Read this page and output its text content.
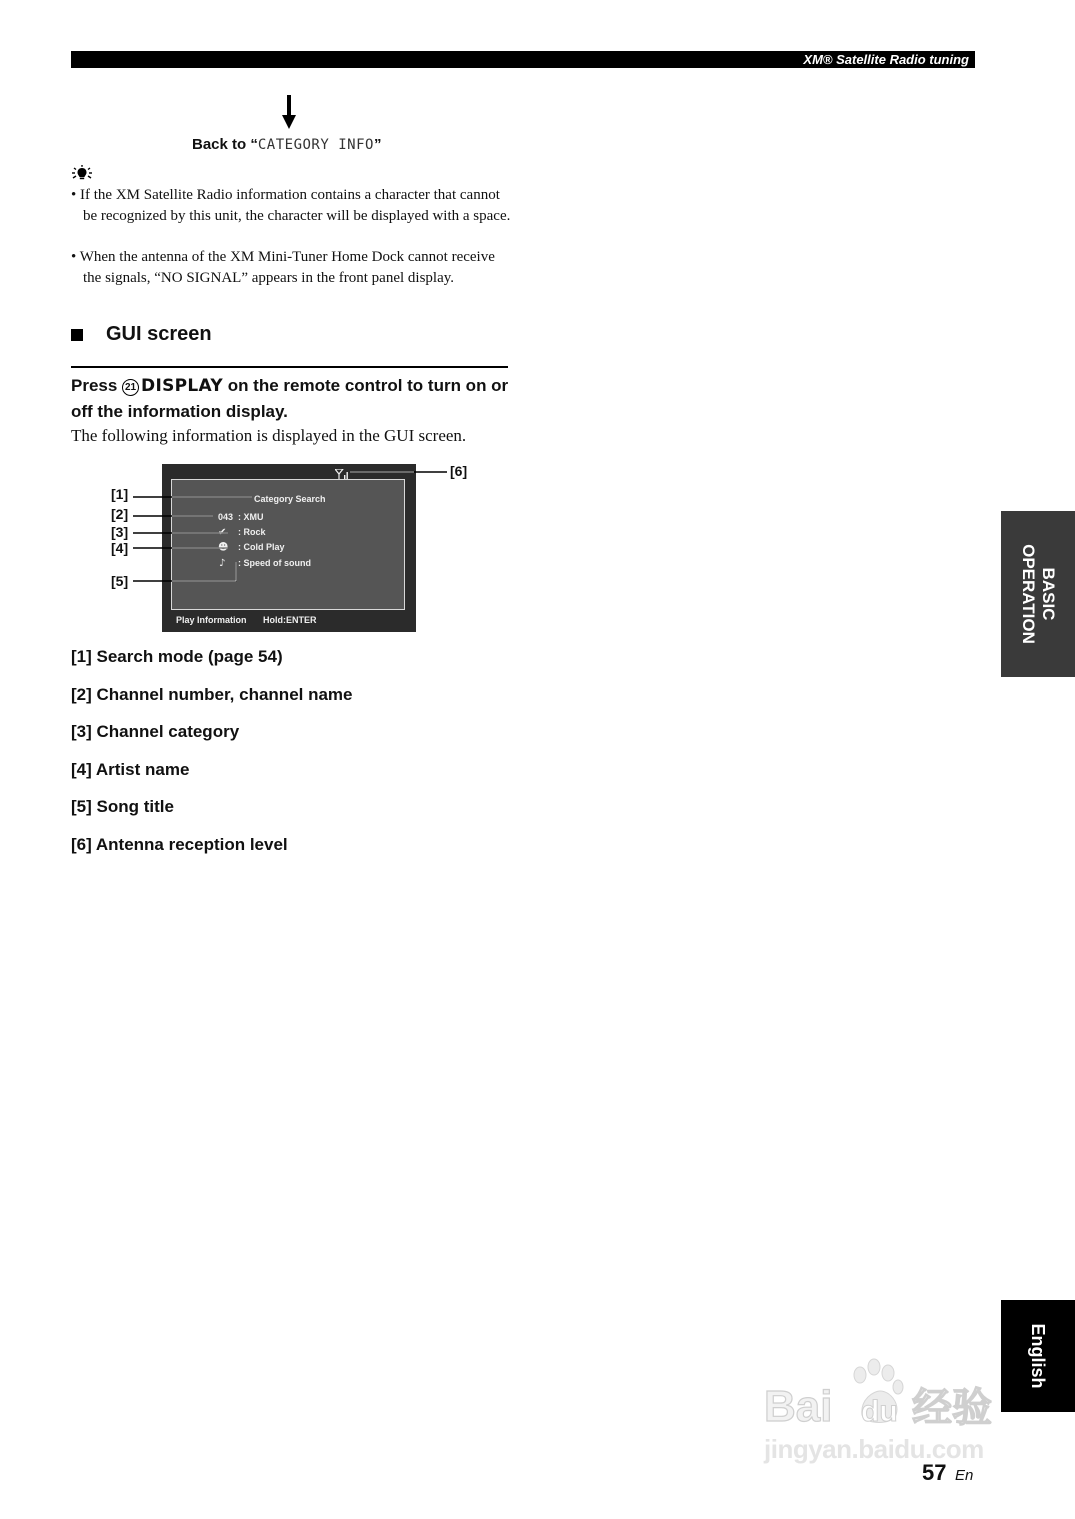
XM® Satellite Radio tuning
Back to “CATEGORY INFO”
• If the XM Satellite Radio information contains a character that cannot be recognized by this unit, the character will be displayed with a space.
• When the antenna of the XM Mini-Tuner Home Dock cannot receive the signals, “NO SIGNAL” appears in the front panel display.
GUI screen
Press 21 DISPLAY on the remote control to turn on or off the information display.
The following information is displayed in the GUI screen.
Category Search
043 : XMU
✔ : Rock
☻ : Cold Play
♪ : Speed of sound
Play Information Hold:ENTER
[1]
[2]
[3]
[4]
[5]
[6]
[1] Search mode (page 54)
[2] Channel number, channel name
[3] Channel category
[4] Artist name
[5] Song title
[6] Antenna reception level
BASIC
OPERATION
English
Bai du 经验
jingyan.baidu.com
57 En
